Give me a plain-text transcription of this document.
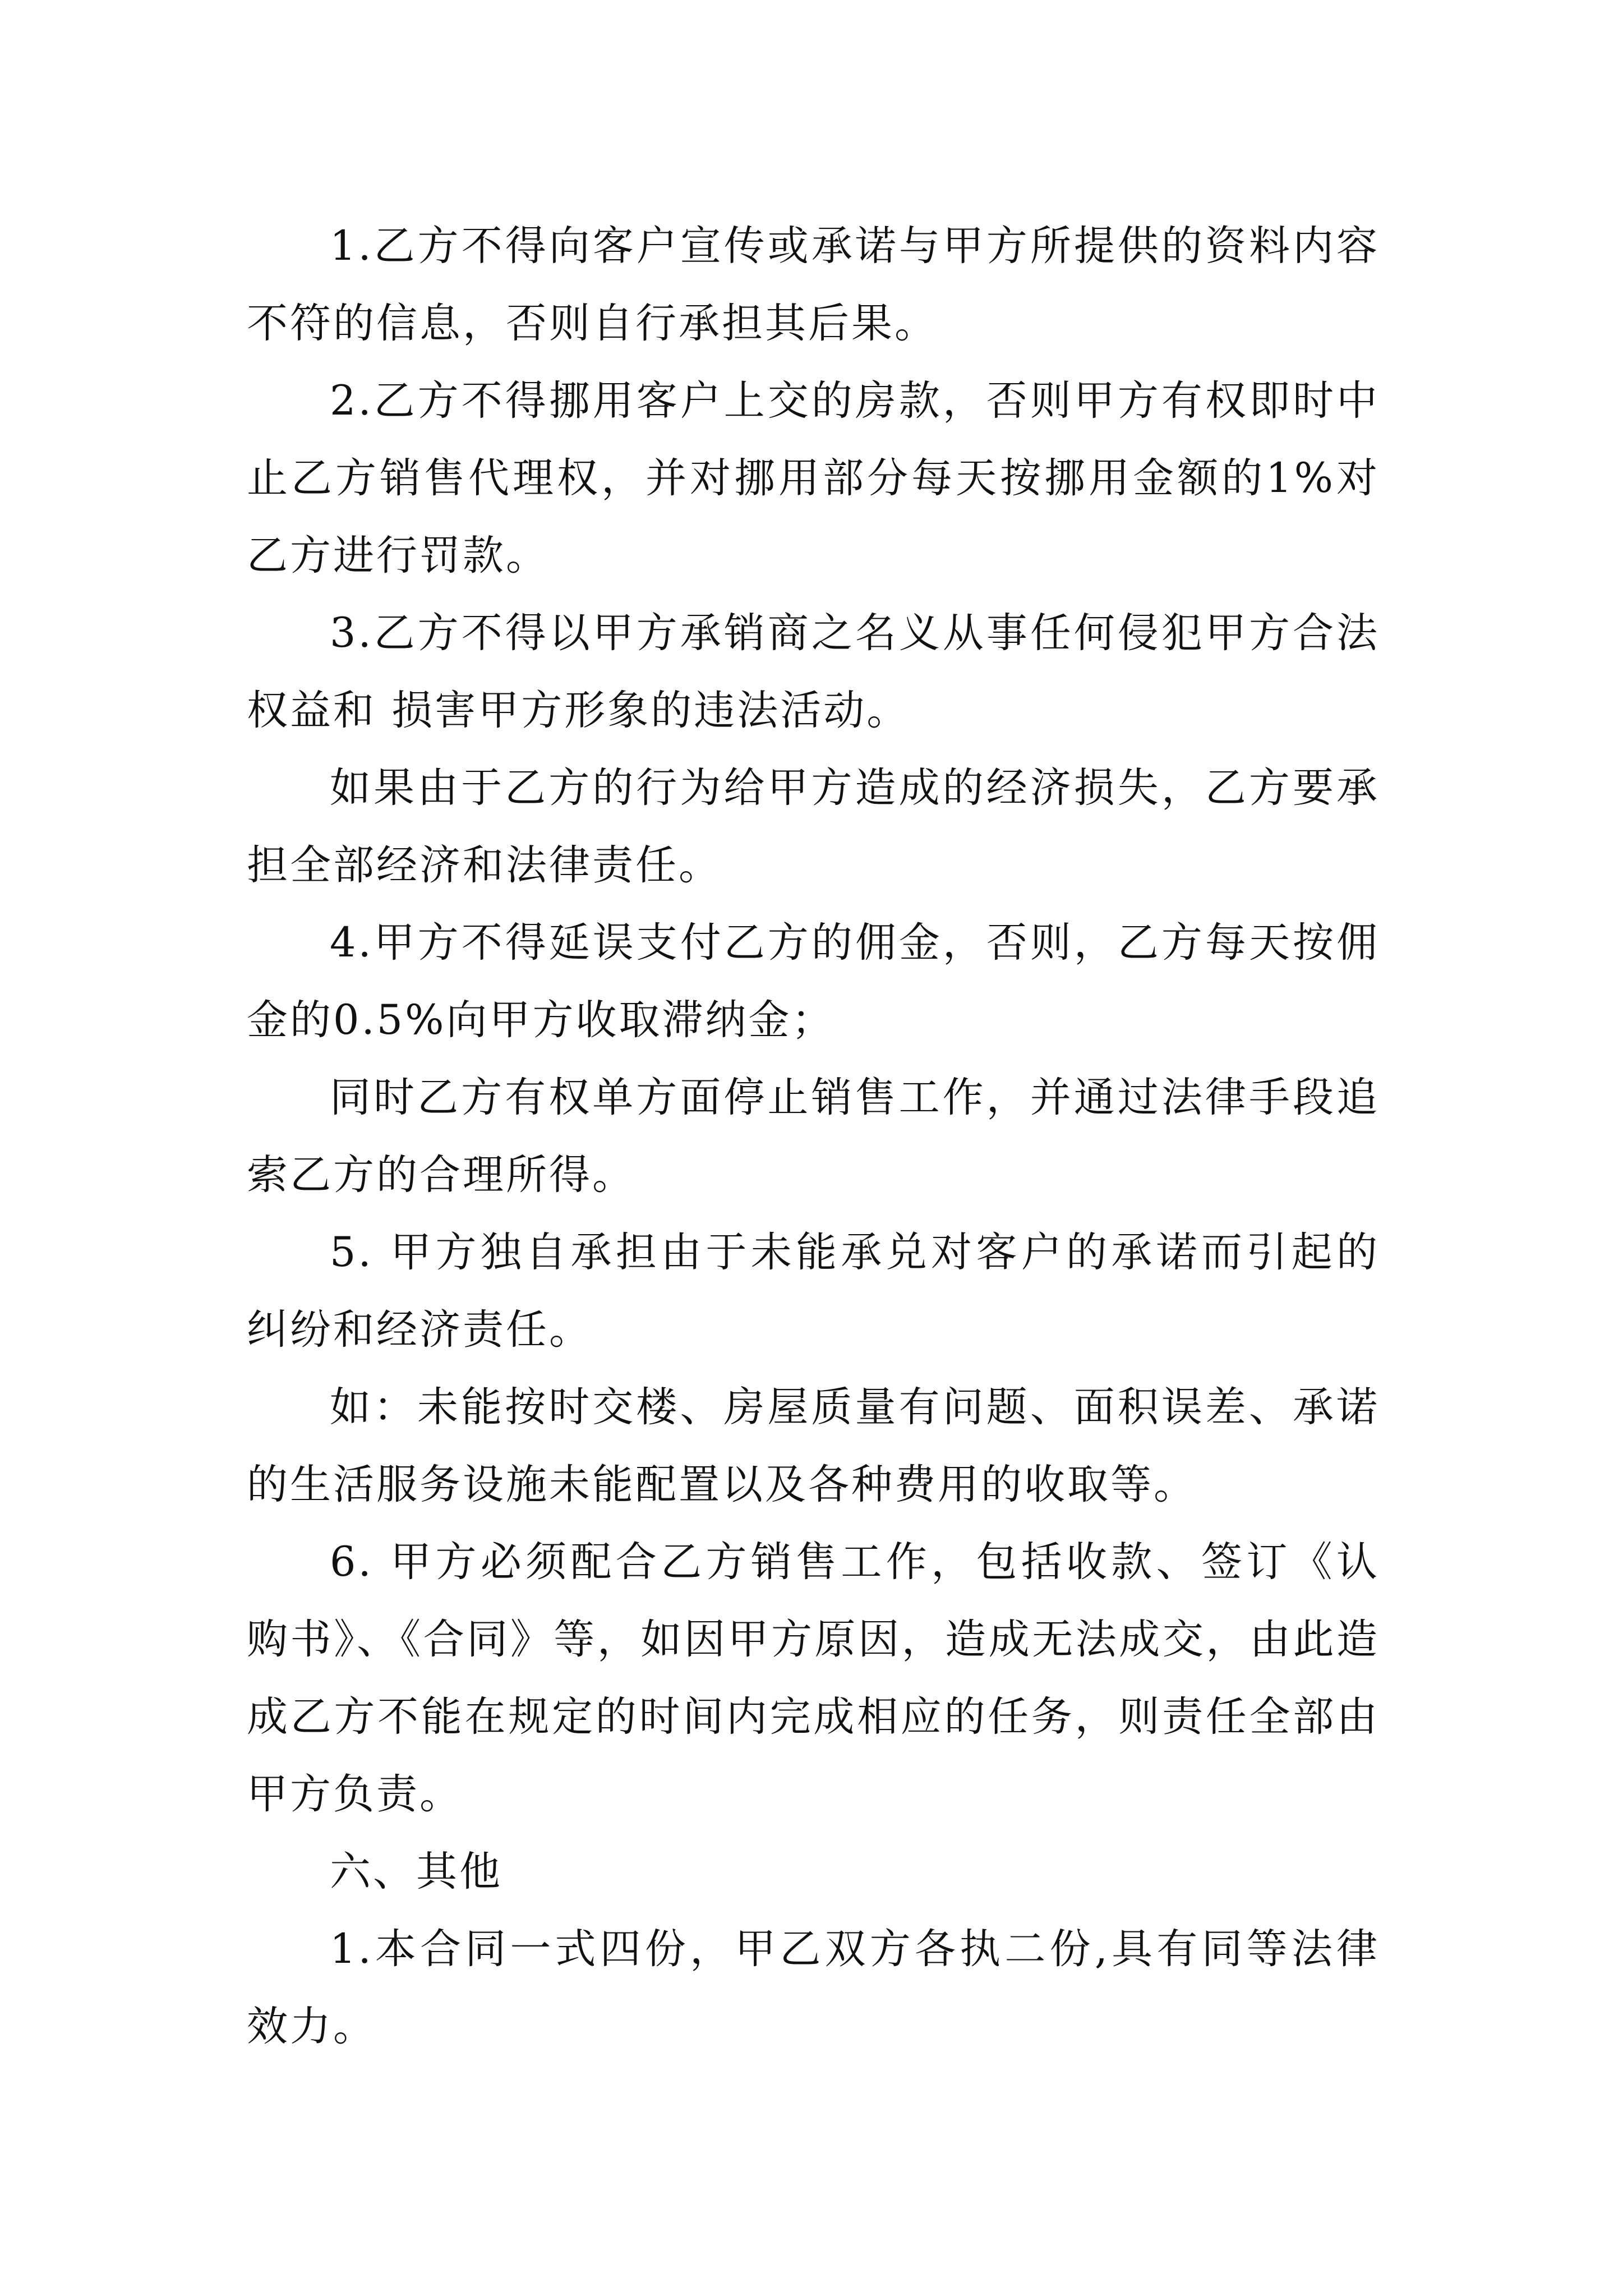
1.乙方不得向客户宣传或承诺与甲方所提供的资料内容不符的信息，否则自行承担其后果。

2.乙方不得挪用客户上交的房款，否则甲方有权即时中止乙方销售代理权，并对挪用部分每天按挪用金额的1%对乙方进行罚款。

3.乙方不得以甲方承销商之名义从事任何侵犯甲方合法权益和 损害甲方形象的违法活动。

如果由于乙方的行为给甲方造成的经济损失，乙方要承担全部经济和法律责任。

4.甲方不得延误支付乙方的佣金，否则，乙方每天按佣金的0.5%向甲方收取滞纳金；

同时乙方有权单方面停止销售工作，并通过法律手段追索乙方的合理所得。

5. 甲方独自承担由于未能承兑对客户的承诺而引起的纠纷和经济责任。

如：未能按时交楼、房屋质量有问题、面积误差、承诺的生活服务设施未能配置以及各种费用的收取等。

6. 甲方必须配合乙方销售工作，包括收款、签订《认购书》、《合同》等，如因甲方原因，造成无法成交，由此造成乙方不能在规定的时间内完成相应的任务，则责任全部由甲方负责。

六、其他

1.本合同一式四份，甲乙双方各执二份,具有同等法律效力。
